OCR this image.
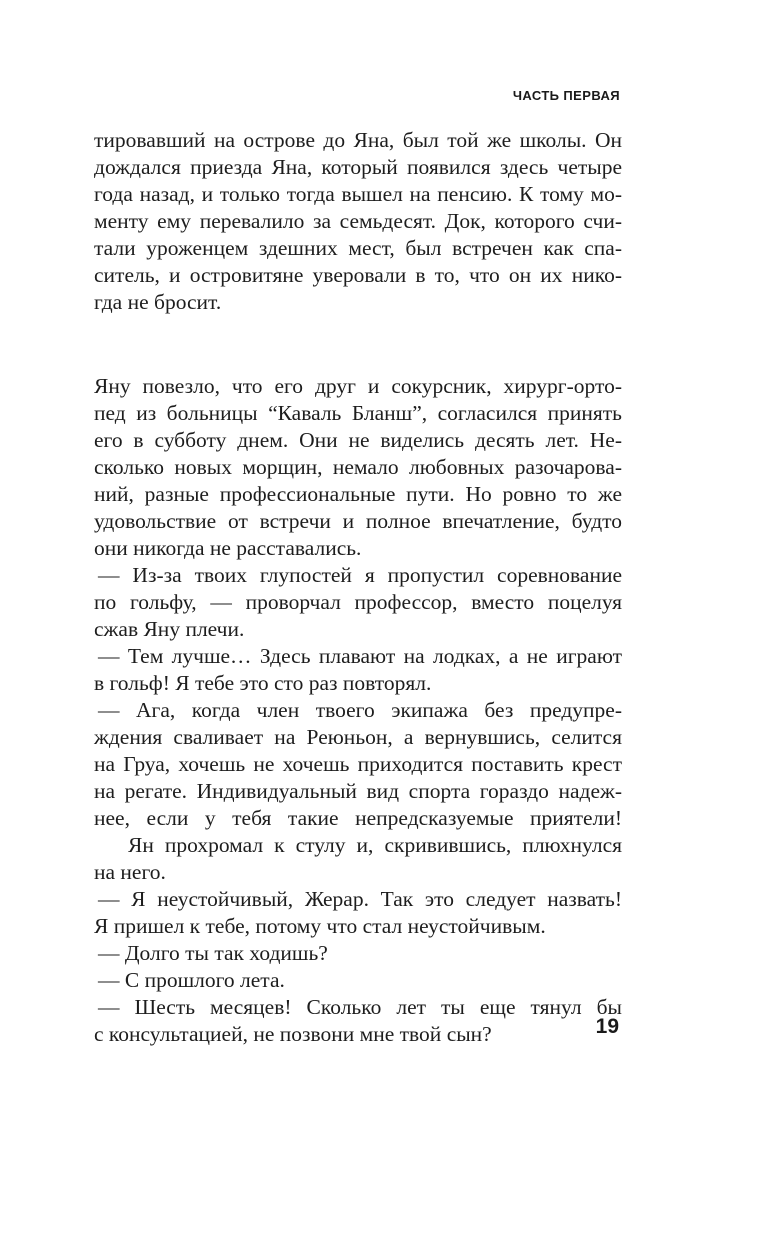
ЧАСТЬ ПЕРВАЯ
тировавший на острове до Яна, был той же школы. Он
дождался приезда Яна, который появился здесь четыре
года назад, и только тогда вышел на пенсию. К тому мо-
менту ему перевалило за семьдесят. Док, которого счи-
тали уроженцем здешних мест, был встречен как спа-
ситель, и островитяне уверовали в то, что он их нико-
гда не бросит.
Яну повезло, что его друг и сокурсник, хирург-орто-
пед из больницы “Каваль Бланш”, согласился принять
его в субботу днем. Они не виделись десять лет. Не-
сколько новых морщин, немало любовных разочарова-
ний, разные профессиональные пути. Но ровно то же
удовольствие от встречи и полное впечатление, будто
они никогда не расставались.
— Из-за твоих глупостей я пропустил соревнование
по гольфу, — проворчал профессор, вместо поцелуя
сжав Яну плечи.
— Тем лучше… Здесь плавают на лодках, а не играют
в гольф! Я тебе это сто раз повторял.
— Ага, когда член твоего экипажа без предупре-
ждения сваливает на Реюньон, а вернувшись, селится
на Груа, хочешь не хочешь приходится поставить крест
на регате. Индивидуальный вид спорта гораздо надеж-
нее, если у тебя такие непредсказуемые приятели!
Ян прохромал к стулу и, скривившись, плюхнулся
на него.
— Я неустойчивый, Жерар. Так это следует назвать!
Я пришел к тебе, потому что стал неустойчивым.
— Долго ты так ходишь?
— С прошлого лета.
— Шесть месяцев! Сколько лет ты еще тянул бы
с консультацией, не позвони мне твой сын?	19
